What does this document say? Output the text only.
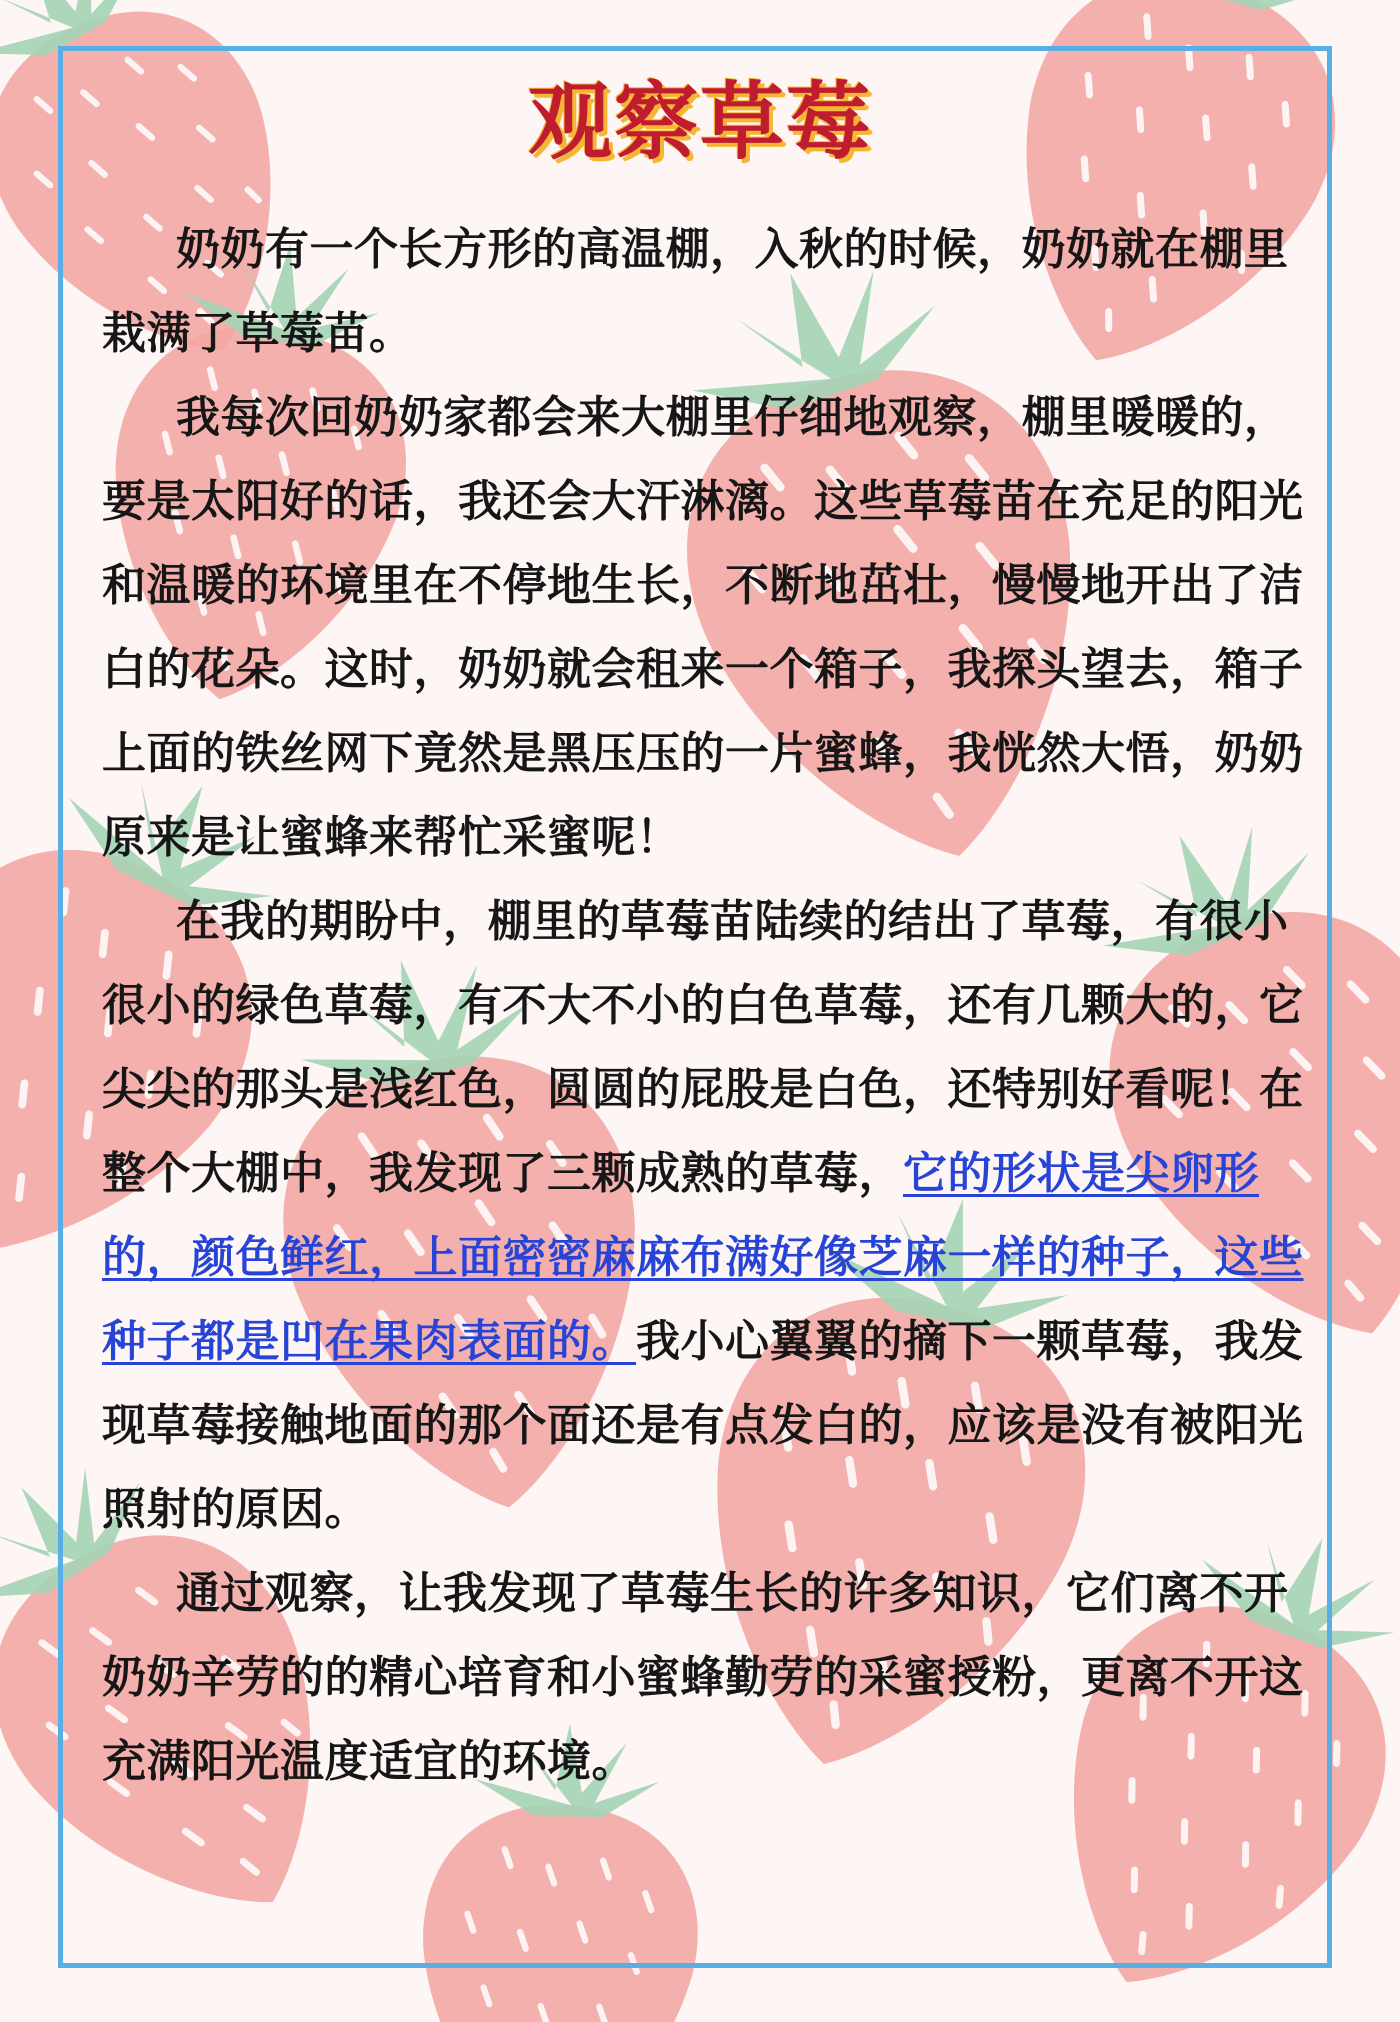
观察草莓

奶奶有一个长方形的高温棚，入秋的时候，奶奶就在棚里栽满了草莓苗。

我每次回奶奶家都会来大棚里仔细地观察，棚里暖暖的，要是太阳好的话，我还会大汗淋漓。这些草莓苗在充足的阳光和温暖的环境里在不停地生长，不断地茁壮，慢慢地开出了洁白的花朵。这时，奶奶就会租来一个箱子，我探头望去，箱子上面的铁丝网下竟然是黑压压的一片蜜蜂，我恍然大悟，奶奶原来是让蜜蜂来帮忙采蜜呢！

在我的期盼中，棚里的草莓苗陆续的结出了草莓，有很小很小的绿色草莓，有不大不小的白色草莓，还有几颗大的，它尖尖的那头是浅红色，圆圆的屁股是白色，还特别好看呢！在整个大棚中，我发现了三颗成熟的草莓，它的形状是尖卵形的，颜色鲜红，上面密密麻麻布满好像芝麻一样的种子，这些种子都是凹在果肉表面的。我小心翼翼的摘下一颗草莓，我发现草莓接触地面的那个面还是有点发白的，应该是没有被阳光照射的原因。

通过观察，让我发现了草莓生长的许多知识，它们离不开奶奶辛劳的的精心培育和小蜜蜂勤劳的采蜜授粉，更离不开这充满阳光温度适宜的环境。
